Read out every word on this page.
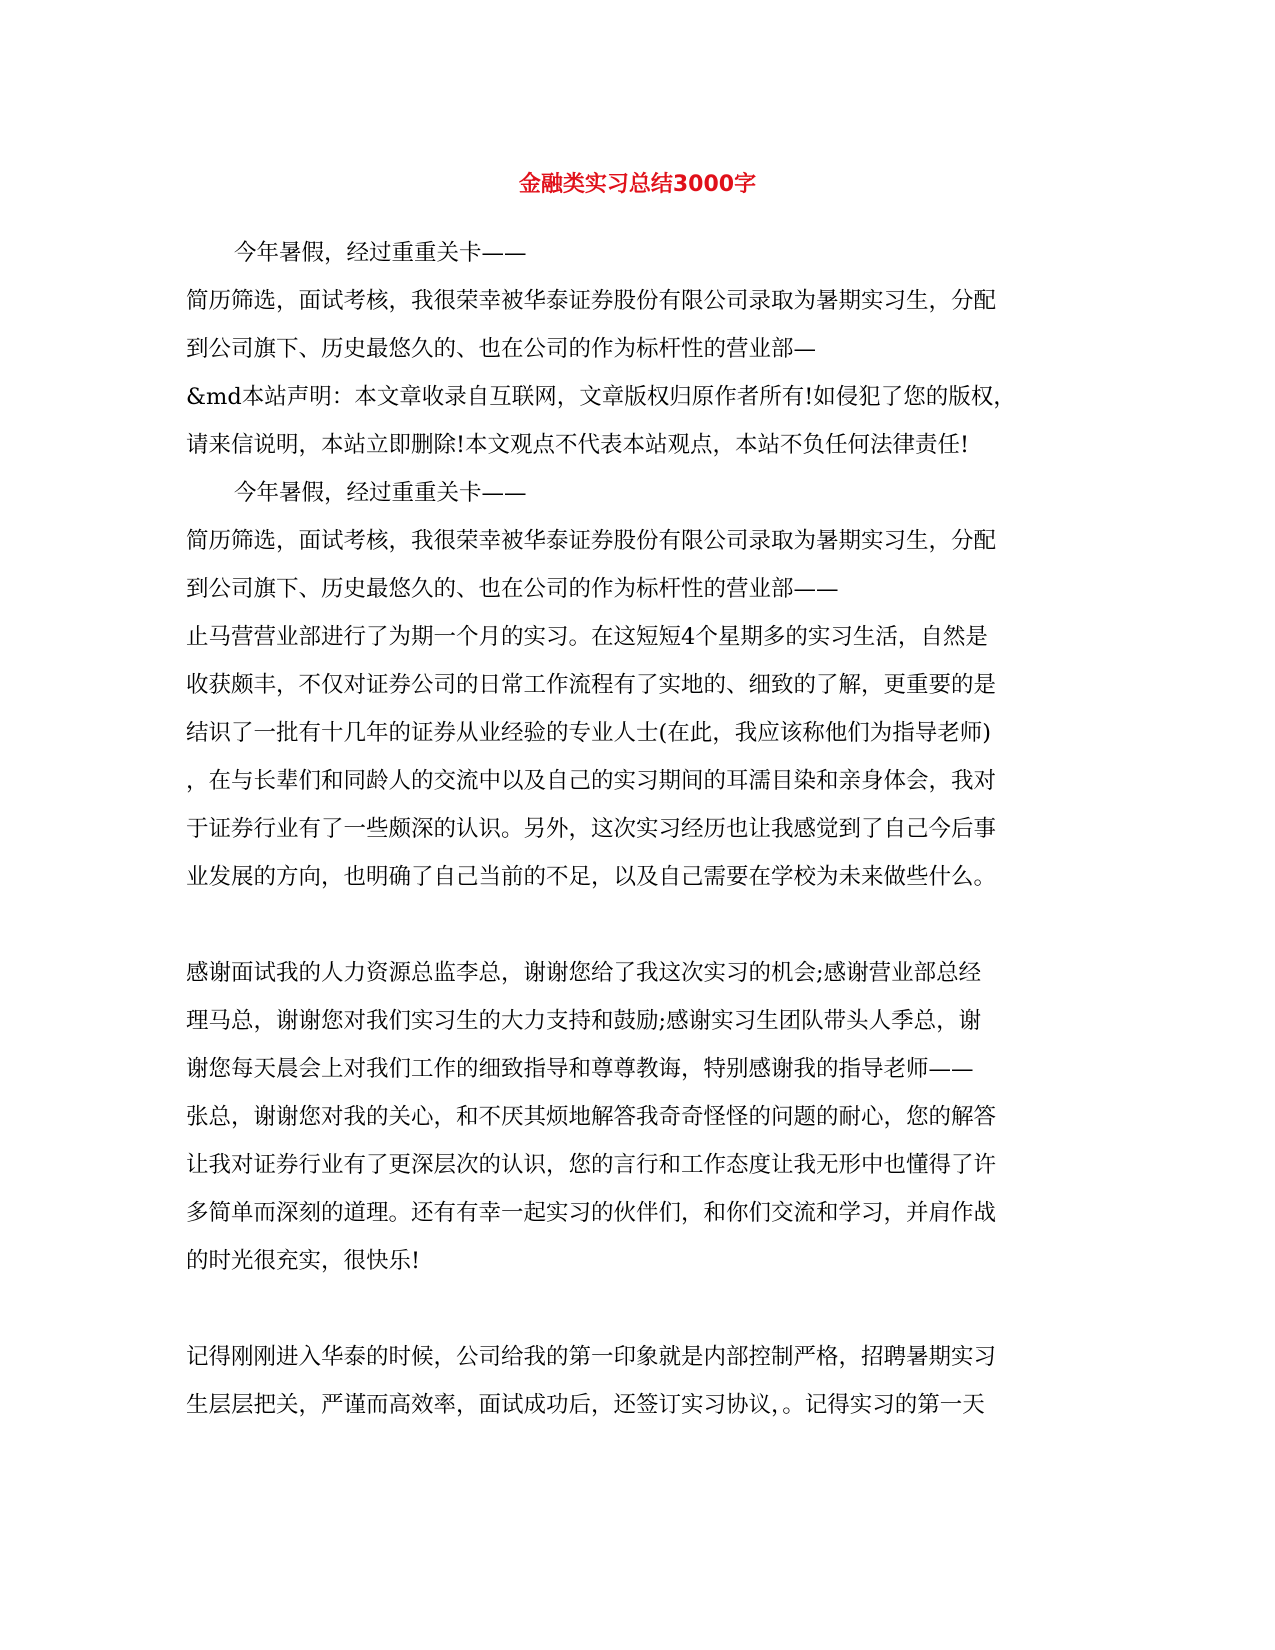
金融类实习总结3000字
今年暑假，经过重重关卡——
简历筛选，面试考核，我很荣幸被华泰证券股份有限公司录取为暑期实习生，分配
到公司旗下、历史最悠久的、也在公司的作为标杆性的营业部—
&md本站声明：本文章收录自互联网，文章版权归原作者所有!如侵犯了您的版权，
请来信说明，本站立即删除!本文观点不代表本站观点，本站不负任何法律责任!
今年暑假，经过重重关卡——
简历筛选，面试考核，我很荣幸被华泰证券股份有限公司录取为暑期实习生，分配
到公司旗下、历史最悠久的、也在公司的作为标杆性的营业部——
止马营营业部进行了为期一个月的实习。在这短短4个星期多的实习生活，自然是
收获颇丰，不仅对证券公司的日常工作流程有了实地的、细致的了解，更重要的是
结识了一批有十几年的证券从业经验的专业人士(在此，我应该称他们为指导老师)
，在与长辈们和同龄人的交流中以及自己的实习期间的耳濡目染和亲身体会，我对
于证券行业有了一些颇深的认识。另外，这次实习经历也让我感觉到了自己今后事
业发展的方向，也明确了自己当前的不足，以及自己需要在学校为未来做些什么。
感谢面试我的人力资源总监李总，谢谢您给了我这次实习的机会;感谢营业部总经
理马总，谢谢您对我们实习生的大力支持和鼓励;感谢实习生团队带头人季总，谢
谢您每天晨会上对我们工作的细致指导和尊尊教诲，特别感谢我的指导老师——
张总，谢谢您对我的关心，和不厌其烦地解答我奇奇怪怪的问题的耐心，您的解答
让我对证券行业有了更深层次的认识，您的言行和工作态度让我无形中也懂得了许
多简单而深刻的道理。还有有幸一起实习的伙伴们，和你们交流和学习，并肩作战
的时光很充实，很快乐!
记得刚刚进入华泰的时候，公司给我的第一印象就是内部控制严格，招聘暑期实习
生层层把关，严谨而高效率，面试成功后，还签订实习协议，。记得实习的第一天
